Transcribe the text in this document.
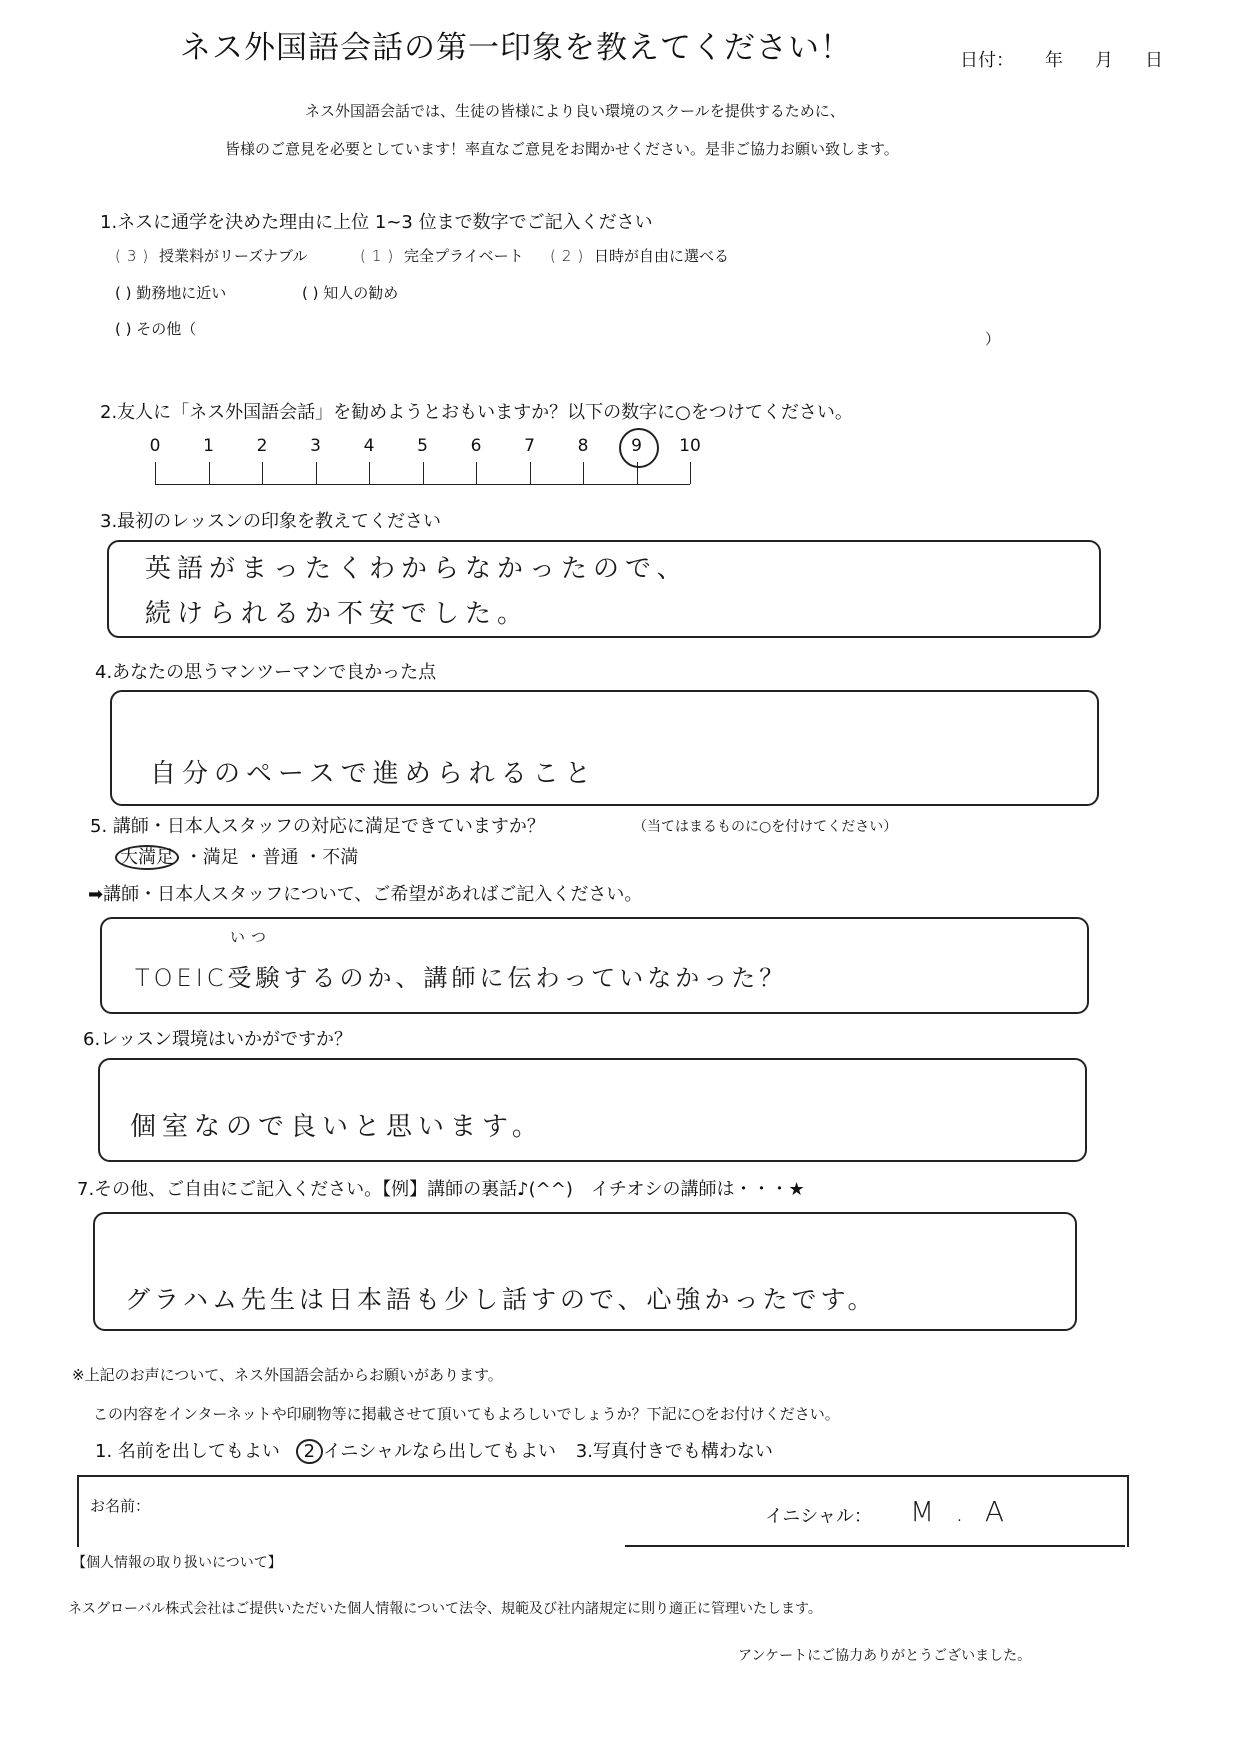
ネス外国語会話の第一印象を教えてください！	日付： 年 月 日
ネス外国語会話では、生徒の皆様により良い環境のスクールを提供するために、
皆様のご意見を必要としています！率直なご意見をお聞かせください。是非ご協力お願い致します。
1.ネスに通学を決めた理由に上位 1~3 位まで数字でご記入ください
(3) 授業料がリーズナブル	(1) 完全プライベート (2) 日時が自由に選べる
( ) 勤務地に近い	( ) 知人の勧め
( ) その他（
）
2.友人に「ネス外国語会話」を勧めようとおもいますか？以下の数字に○をつけてください。
0	1	2	3	4	5	6	7	8	9 10
3.最初のレッスンの印象を教えてください
英語がまったくわからなかったので、
続けられるか不安でした。
4.あなたの思うマンツーマンで良かった点
自分のペースで進められること
5. 講師・日本人スタッフの対応に満足できていますか？	（当てはまるものに○を付けてください）
大満足 ・満足 ・普通 ・不満
➡講師・日本人スタッフについて、ご希望があればご記入ください。
いつ
TOEIC受験するのか、講師に伝わっていなかった？
6.レッスン環境はいかがですか？
個室なので良いと思います。
7.その他、ご自由にご記入ください。【例】講師の裏話♪(^^)　イチオシの講師は・・・★
グラハム先生は日本語も少し話すので、心強かったです。
※上記のお声について、ネス外国語会話からお願いがあります。
この内容をインターネットや印刷物等に掲載させて頂いてもよろしいでしょうか？下記に○をお付けください。
1. 名前を出してもよい 2 イニシャルなら出してもよい 3.写真付きでも構わない
お名前：	イニシャル： M . A
【個人情報の取り扱いについて】
ネスグローバル株式会社はご提供いただいた個人情報について法令、規範及び社内諸規定に則り適正に管理いたします。
アンケートにご協力ありがとうございました。
